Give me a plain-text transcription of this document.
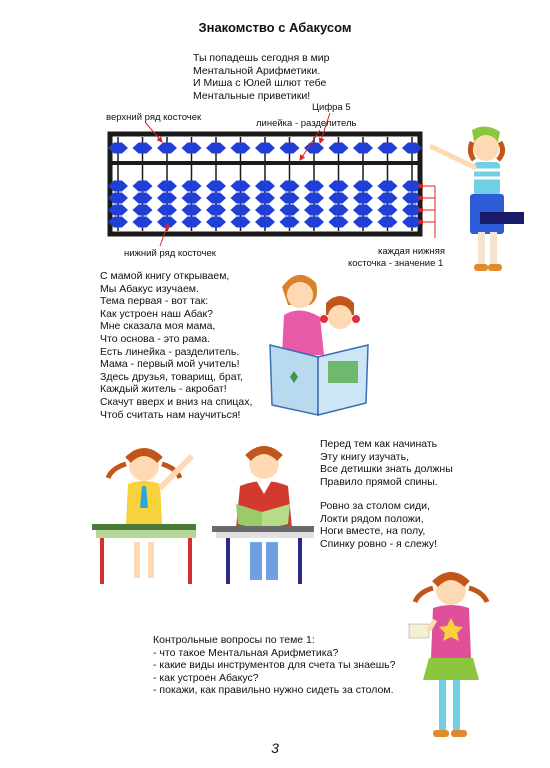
Знакомство с Абакусом
Ты попадешь сегодня в мир
Ментальной Арифметики.
И Миша с Юлей шлют тебе
Ментальные приветики!
верхний ряд косточек
Цифра 5
линейка - разделитель
нижний ряд косточек	каждая нижняя
косточка - значение 1
С мамой книгу открываем,
Мы Абакус изучаем.
Тема первая - вот так:
Как устроен наш Абак?
Мне сказала моя мама,
Что основа - это рама.
Есть линейка - разделитель.
Мама - первый мой учитель!
Здесь друзья, товарищ, брат,
Каждый житель - акробат!
Скачут вверх и вниз на спицах,
Чтоб считать нам научиться!
Перед тем как начинать
Эту книгу изучать,
Все детишки знать должны
Правило прямой спины.
Ровно за столом сиди,
Локти рядом положи,
Ноги вместе, на полу,
Спинку ровно - я слежу!
Контрольные вопросы по теме 1:
- что такое Ментальная Арифметика?
- какие виды инструментов для счета ты знаешь?
- как устроен Абакус?
- покажи, как правильно нужно сидеть за столом.
3
